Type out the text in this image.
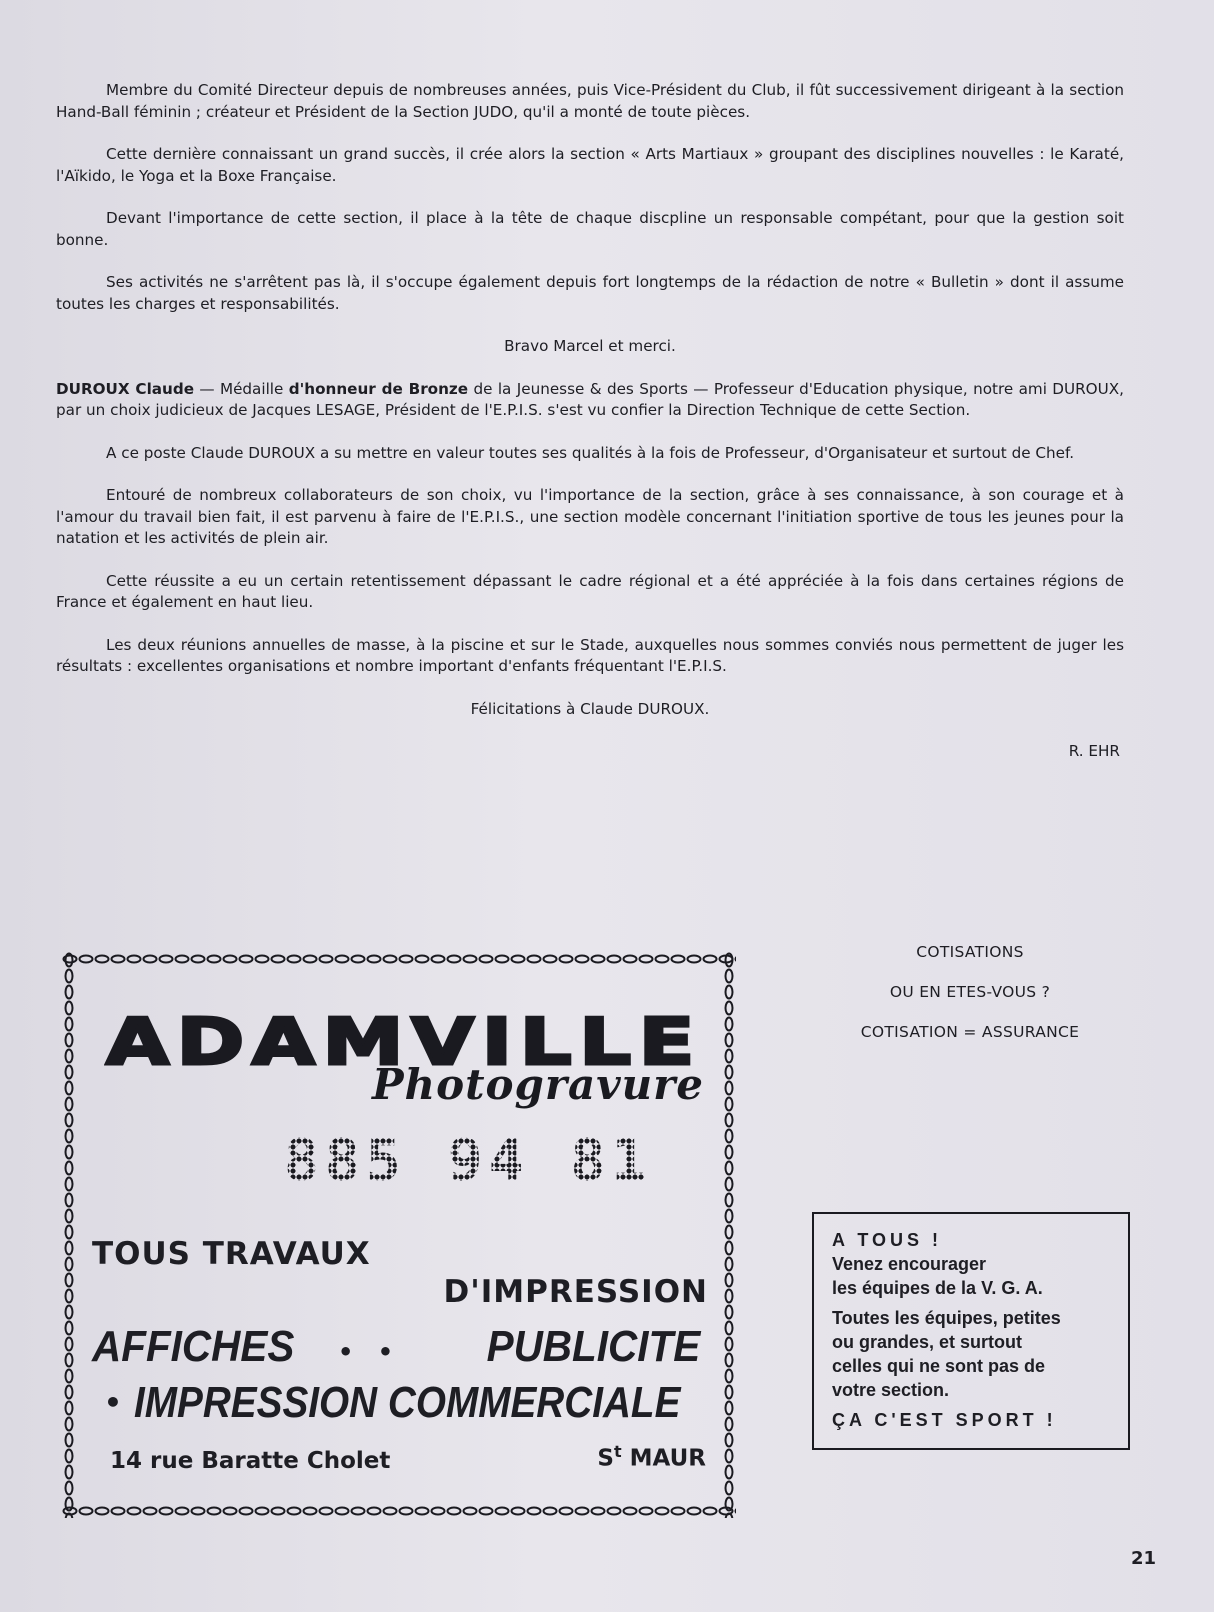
Membre du Comité Directeur depuis de nombreuses années, puis Vice-Président du Club, il fût successivement dirigeant à la section Hand-Ball féminin ; créateur et Président de la Section JUDO, qu'il a monté de toute pièces.

Cette dernière connaissant un grand succès, il crée alors la section « Arts Martiaux » groupant des disciplines nouvelles : le Karaté, l'Aïkido, le Yoga et la Boxe Française.

Devant l'importance de cette section, il place à la tête de chaque discpline un responsable compétant, pour que la gestion soit bonne.

Ses activités ne s'arrêtent pas là, il s'occupe également depuis fort longtemps de la rédaction de notre « Bulletin » dont il assume toutes les charges et responsabilités.

Bravo Marcel et merci.

DUROUX Claude — Médaille d'honneur de Bronze de la Jeunesse & des Sports — Professeur d'Education physique, notre ami DUROUX, par un choix judicieux de Jacques LESAGE, Président de l'E.P.I.S. s'est vu confier la Direction Technique de cette Section.

A ce poste Claude DUROUX a su mettre en valeur toutes ses qualités à la fois de Professeur, d'Organisateur et surtout de Chef.

Entouré de nombreux collaborateurs de son choix, vu l'importance de la section, grâce à ses connaissance, à son courage et à l'amour du travail bien fait, il est parvenu à faire de l'E.P.I.S., une section modèle concernant l'initiation sportive de tous les jeunes pour la natation et les activités de plein air.

Cette réussite a eu un certain retentissement dépassant le cadre régional et a été appréciée à la fois dans certaines régions de France et également en haut lieu.

Les deux réunions annuelles de masse, à la piscine et sur le Stade, auxquelles nous sommes conviés nous permettent de juger les résultats : excellentes organisations et nombre important d'enfants fréquentant l'E.P.I.S.

Félicitations à Claude DUROUX.

R. EHR

ADAMVILLE
Photogravure
885 94 81
TOUS TRAVAUX
D'IMPRESSION
AFFICHES • • PUBLICITE
• IMPRESSION COMMERCIALE
14 rue Baratte Cholet	$S^t$ MAUR
COTISATIONS
OU EN ETES-VOUS ?
COTISATION = ASSURANCE
A TOUS !
Venez encourager
les équipes de la V. G. A.
Toutes les équipes, petites
ou grandes, et surtout
celles qui ne sont pas de
votre section.
ÇA C'EST SPORT !
21
